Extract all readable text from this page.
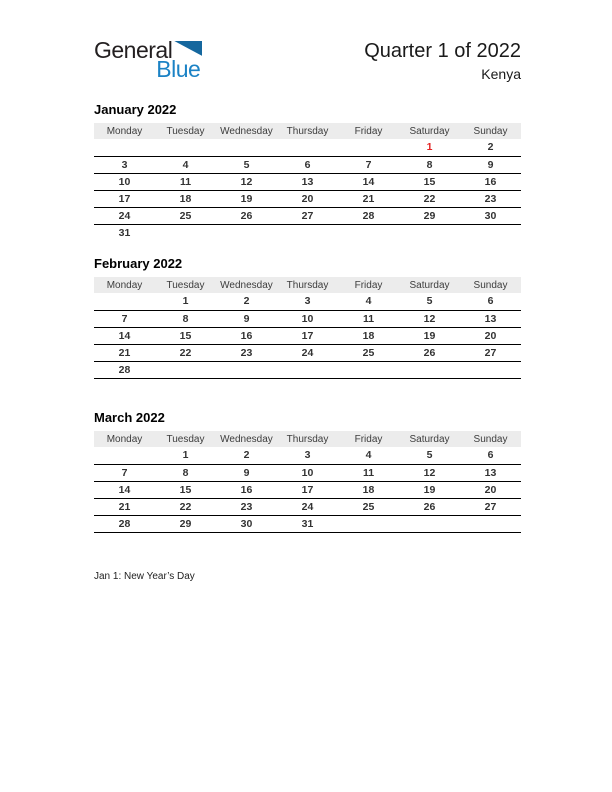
General
Blue
Quarter 1 of 2022
Kenya
January 2022
Monday	Tuesday	Wednesday	Thursday	Friday	Saturday	Sunday
					1	2
3	4	5	6	7	8	9
10	11	12	13	14	15	16
17	18	19	20	21	22	23
24	25	26	27	28	29	30
31						
February 2022
Monday	Tuesday	Wednesday	Thursday	Friday	Saturday	Sunday
	1	2	3	4	5	6
7	8	9	10	11	12	13
14	15	16	17	18	19	20
21	22	23	24	25	26	27
28						
March 2022
Monday	Tuesday	Wednesday	Thursday	Friday	Saturday	Sunday
	1	2	3	4	5	6
7	8	9	10	11	12	13
14	15	16	17	18	19	20
21	22	23	24	25	26	27
28	29	30	31			
Jan 1: New Year’s Day
